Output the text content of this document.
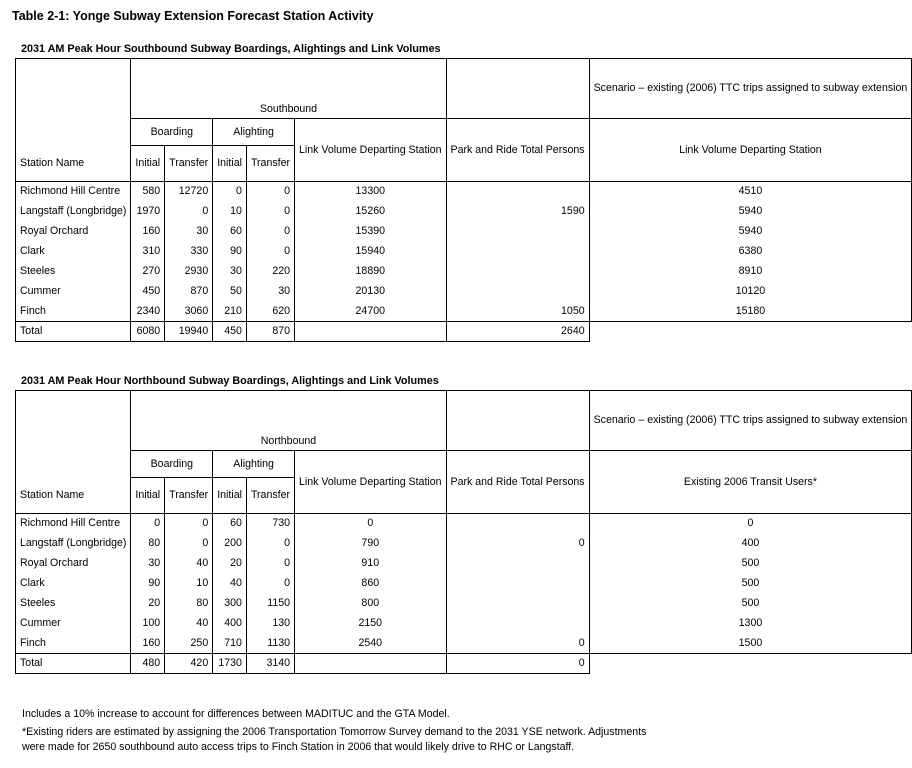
Table 2-1: Yonge Subway Extension Forecast Station Activity
2031 AM Peak Hour Southbound Subway Boardings, Alightings and Link Volumes
	Southbound						Scenario – existing (2006) TTC trips assigned to subway extension
	Boarding		Alighting		Link Volume Departing Station	Park and Ride Total Persons	Link Volume Departing Station
Station Name	Initial	Transfer	Initial	Transfer			
Richmond Hill Centre	580	12720	0	0	13300		4510
Langstaff (Longbridge)	1970	0	10	0	15260	1590	5940
Royal Orchard	160	30	60	0	15390		5940
Clark	310	330	90	0	15940		6380
Steeles	270	2930	30	220	18890		8910
Cummer	450	870	50	30	20130		10120
Finch	2340	3060	210	620	24700	1050	15180
Total	6080	19940	450	870		2640	
2031 AM Peak Hour Northbound Subway Boardings, Alightings and Link Volumes
	Northbound						Scenario – existing (2006) TTC trips assigned to subway extension
	Boarding		Alighting		Link Volume Departing Station	Park and Ride Total Persons	Existing 2006 Transit Users*
Station Name	Initial	Transfer	Initial	Transfer			
Richmond Hill Centre	0	0	60	730	0		0
Langstaff (Longbridge)	80	0	200	0	790	0	400
Royal Orchard	30	40	20	0	910		500
Clark	90	10	40	0	860		500
Steeles	20	80	300	1150	800		500
Cummer	100	40	400	130	2150		1300
Finch	160	250	710	1130	2540	0	1500
Total	480	420	1730	3140		0	
Includes a 10% increase to account for differences between MADITUC and the GTA Model.
*Existing riders are estimated by assigning the 2006 Transportation Tomorrow Survey demand to the 2031 YSE network. Adjustments were made for 2650 southbound auto access trips to Finch Station in 2006 that would likely drive to RHC or Langstaff.
